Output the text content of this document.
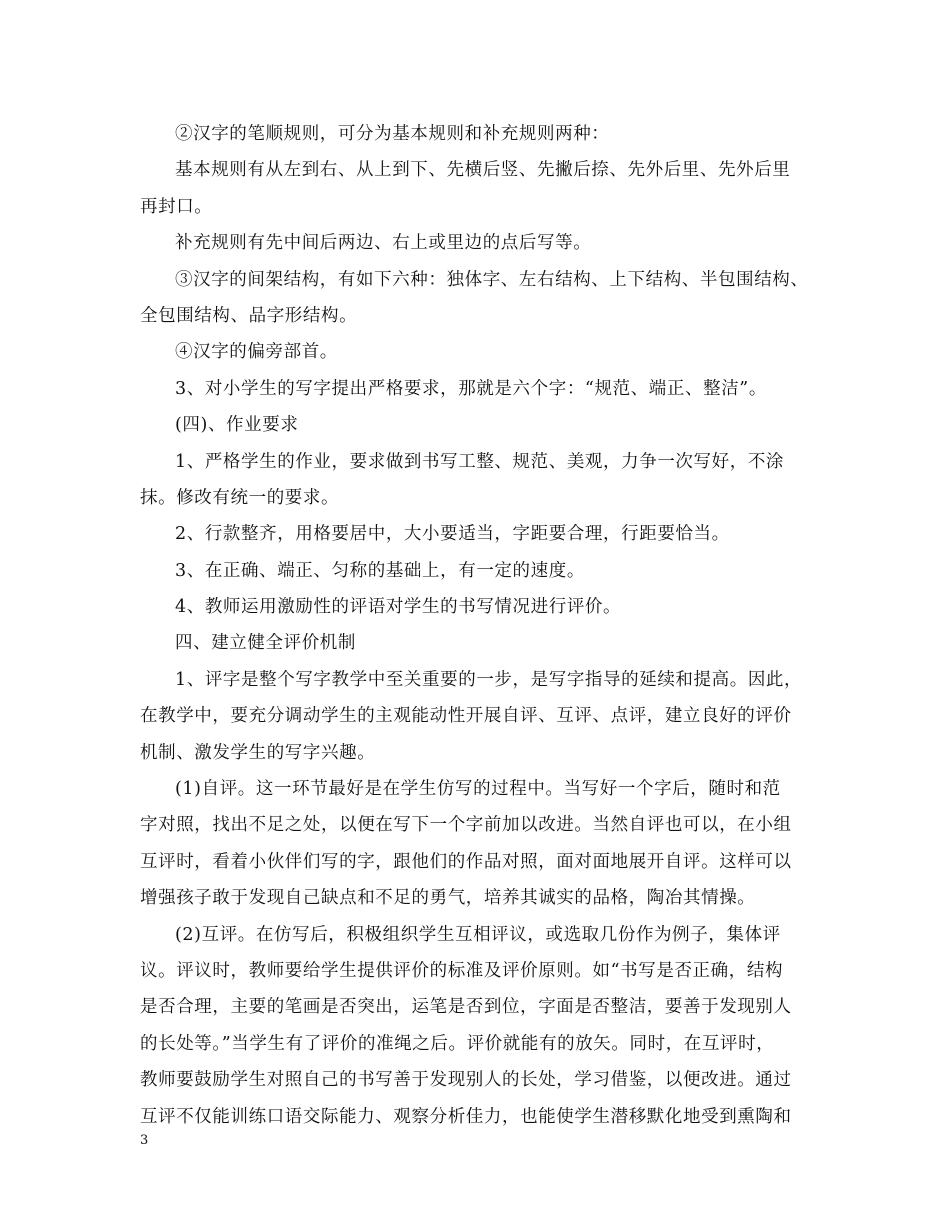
②汉字的笔顺规则，可分为基本规则和补充规则两种：
基本规则有从左到右、从上到下、先横后竖、先撇后捺、先外后里、先外后里
再封口。
补充规则有先中间后两边、右上或里边的点后写等。
③汉字的间架结构，有如下六种：独体字、左右结构、上下结构、半包围结构、
全包围结构、品字形结构。
④汉字的偏旁部首。
3、对小学生的写字提出严格要求，那就是六个字：“规范、端正、整洁”。
(四)、作业要求
1、严格学生的作业，要求做到书写工整、规范、美观，力争一次写好，不涂
抹。修改有统一的要求。
2、行款整齐，用格要居中，大小要适当，字距要合理，行距要恰当。
3、在正确、端正、匀称的基础上，有一定的速度。
4、教师运用激励性的评语对学生的书写情况进行评价。
四、建立健全评价机制
1、评字是整个写字教学中至关重要的一步，是写字指导的延续和提高。因此，
在教学中，要充分调动学生的主观能动性开展自评、互评、点评，建立良好的评价
机制、激发学生的写字兴趣。
(1)自评。这一环节最好是在学生仿写的过程中。当写好一个字后，随时和范
字对照，找出不足之处，以便在写下一个字前加以改进。当然自评也可以，在小组
互评时，看着小伙伴们写的字，跟他们的作品对照，面对面地展开自评。这样可以
增强孩子敢于发现自己缺点和不足的勇气，培养其诚实的品格，陶冶其情操。
(2)互评。在仿写后，积极组织学生互相评议，或选取几份作为例子，集体评
议。评议时，教师要给学生提供评价的标准及评价原则。如“书写是否正确，结构
是否合理，主要的笔画是否突出，运笔是否到位，字面是否整洁，要善于发现别人
的长处等。”当学生有了评价的准绳之后。评价就能有的放矢。同时，在互评时，
教师要鼓励学生对照自己的书写善于发现别人的长处，学习借鉴，以便改进。通过
互评不仅能训练口语交际能力、观察分析佳力，也能使学生潜移默化地受到熏陶和
3
